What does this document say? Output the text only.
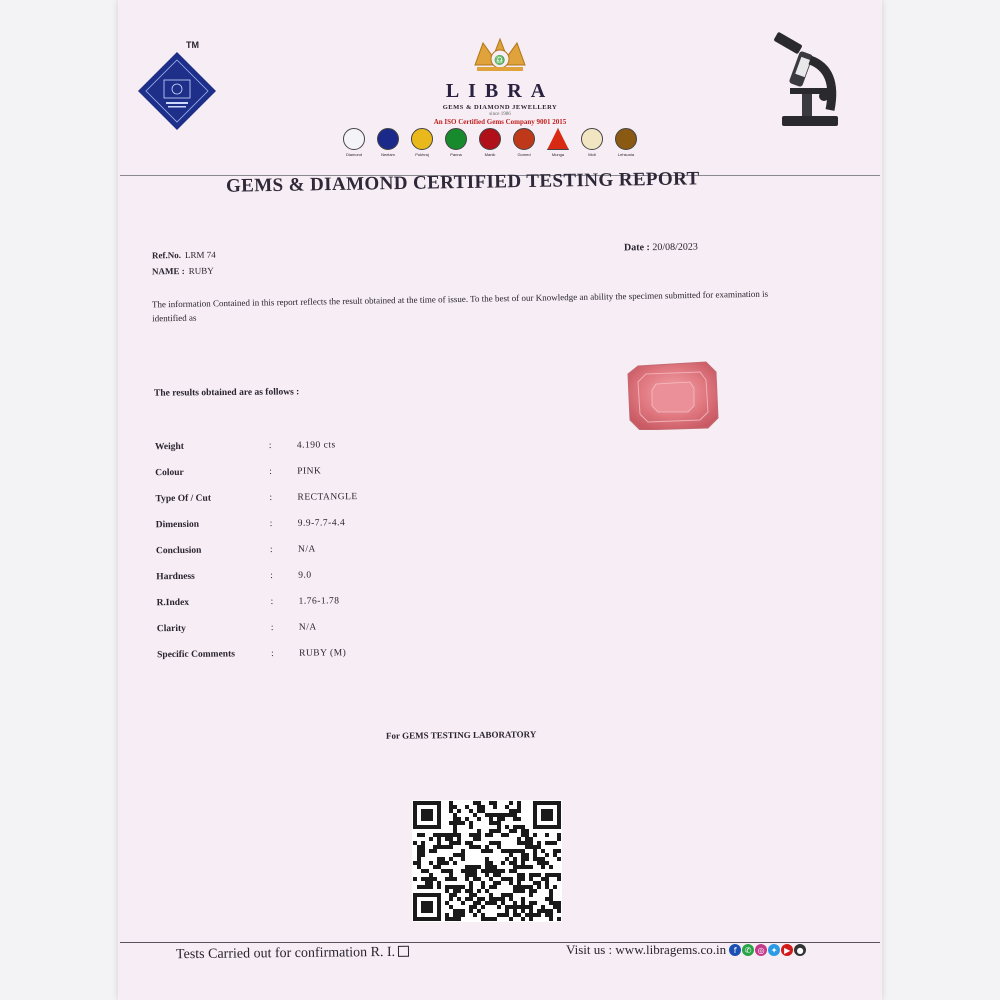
TM
♎
LIBRA
GEMS & DIAMOND JEWELLERY
since 1986
An ISO Certified Gems Company 9001 2015
Diamond	Neelam	Pukhraj	Panna	Manik	Gomed	Munga	Moti	Lehsunia
GEMS & DIAMOND CERTIFIED TESTING REPORT
Ref.No. LRM 74
NAME : RUBY
Date : 20/08/2023
The information Contained in this report reflects the result obtained at the time of issue. To the best of our Knowledge an ability the specimen submitted for examination is identified as
The results obtained are as follows :
Weight	:	4.190 cts
Colour	:	PINK
Type Of / Cut	:	RECTANGLE
Dimension	:	9.9-7.7-4.4
Conclusion	:	N/A
Hardness	:	9.0
R.Index	:	1.76-1.78
Clarity	:	N/A
Specific Comments	:	RUBY (M)
For GEMS TESTING LABORATORY
Tests Carried out for confirmation R. I.	Visit us : www.libragems.co.in f	✆ ◎ ✦ ▶ ●
